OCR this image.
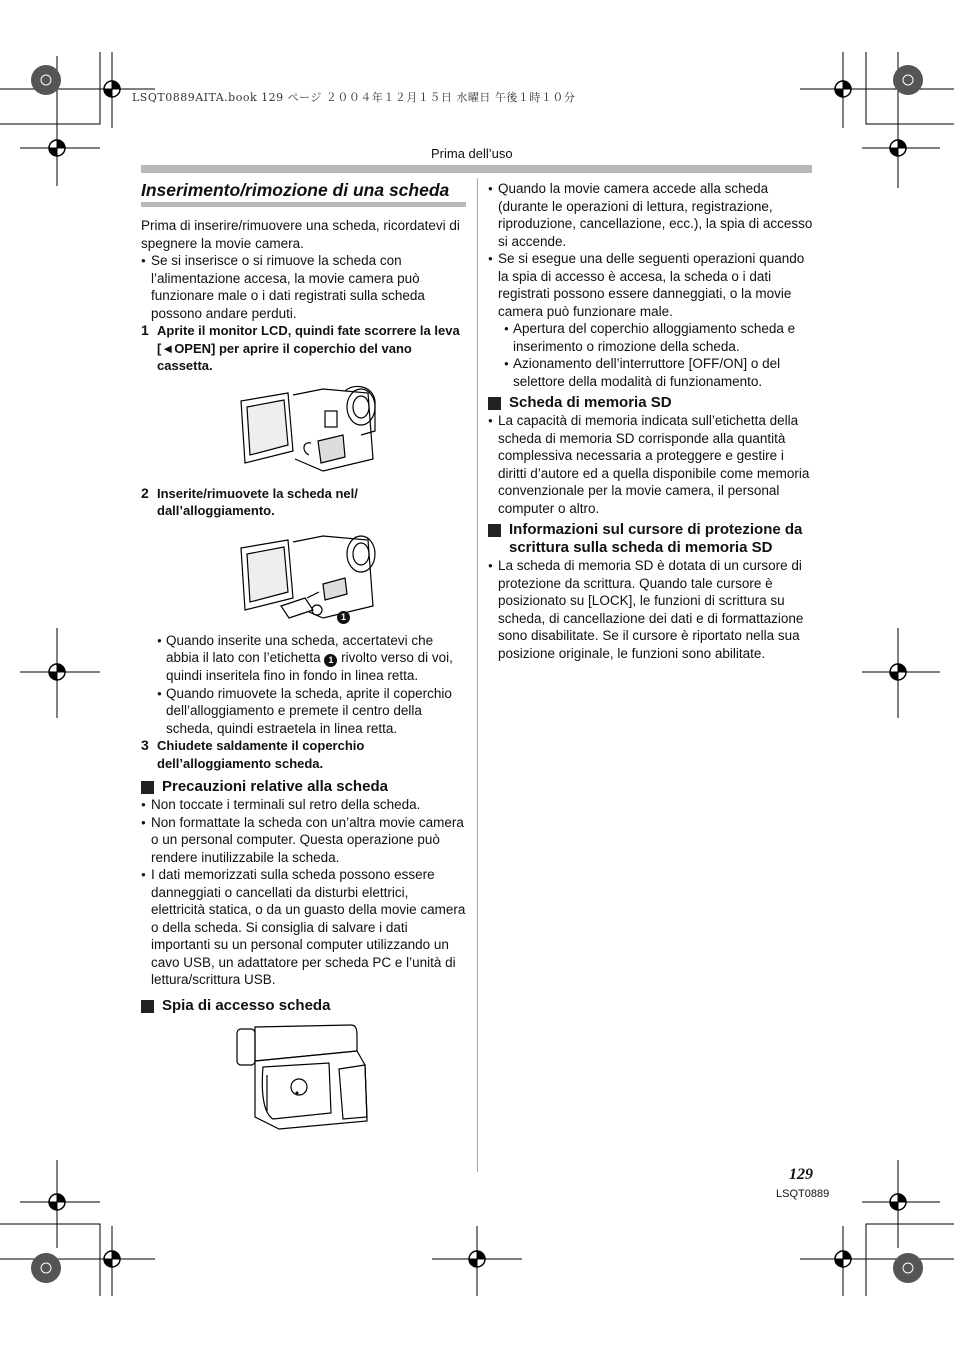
LSQT0889AITA.book 129 ページ ２００４年１２月１５日 水曜日 午後１時１０分
Prima dell’uso
Inserimento/rimozione di una scheda

Prima di inserire/rimuovere una scheda, ricordatevi di spegnere la movie camera.

● Se si inserisce o si rimuove la scheda con l’alimentazione accesa, la movie camera può funzionare male o i dati registrati sulla scheda possono andare perduti.

1 Aprite il monitor LCD, quindi fate scorrere la leva [◄OPEN] per aprire il coperchio del vano cassetta.
2 Inserite/rimuovete la scheda nel/ dall’alloggiamento.
1

● Quando inserite una scheda, accertatevi che abbia il lato con l’etichetta 1 rivolto verso di voi, quindi inseritela fino in fondo in linea retta.

● Quando rimuovete la scheda, aprite il coperchio dell’alloggiamento e premete il centro della scheda, quindi estraetela in linea retta.

3 Chiudete saldamente il coperchio dell’alloggiamento scheda.
Precauzioni relative alla scheda

● Non toccate i terminali sul retro della scheda.

● Non formattate la scheda con un’altra movie camera o un personal computer. Questa operazione può rendere inutilizzabile la scheda.

● I dati memorizzati sulla scheda possono essere danneggiati o cancellati da disturbi elettrici, elettricità statica, o da un guasto della movie camera o della scheda. Si consiglia di salvare i dati importanti su un personal computer utilizzando un cavo USB, un adattatore per scheda PC e l’unità di lettura/scrittura USB.

Spia di accesso scheda

● Quando la movie camera accede alla scheda (durante le operazioni di lettura, registrazione, riproduzione, cancellazione, ecc.), la spia di accesso si accende.

● Se si esegue una delle seguenti operazioni quando la spia di accesso è accesa, la scheda o i dati registrati possono essere danneggiati, o la movie camera può funzionare male.

● Apertura del coperchio alloggiamento scheda e inserimento o rimozione della scheda.

● Azionamento dell’interruttore [OFF/ON] o del selettore della modalità di funzionamento.

Scheda di memoria SD

● La capacità di memoria indicata sull’etichetta della scheda di memoria SD corrisponde alla quantità complessiva necessaria a proteggere e gestire i diritti d’autore ed a quella disponibile come memoria convenzionale per la movie camera, il personal computer o altro.

Informazioni sul cursore di protezione da scrittura sulla scheda di memoria SD

● La scheda di memoria SD è dotata di un cursore di protezione da scrittura. Quando tale cursore è posizionato su [LOCK], le funzioni di scrittura su scheda, di cancellazione dei dati e di formattazione sono disabilitate. Se il cursore è riportato nella sua posizione originale, le funzioni sono abilitate.

129
LSQT0889
